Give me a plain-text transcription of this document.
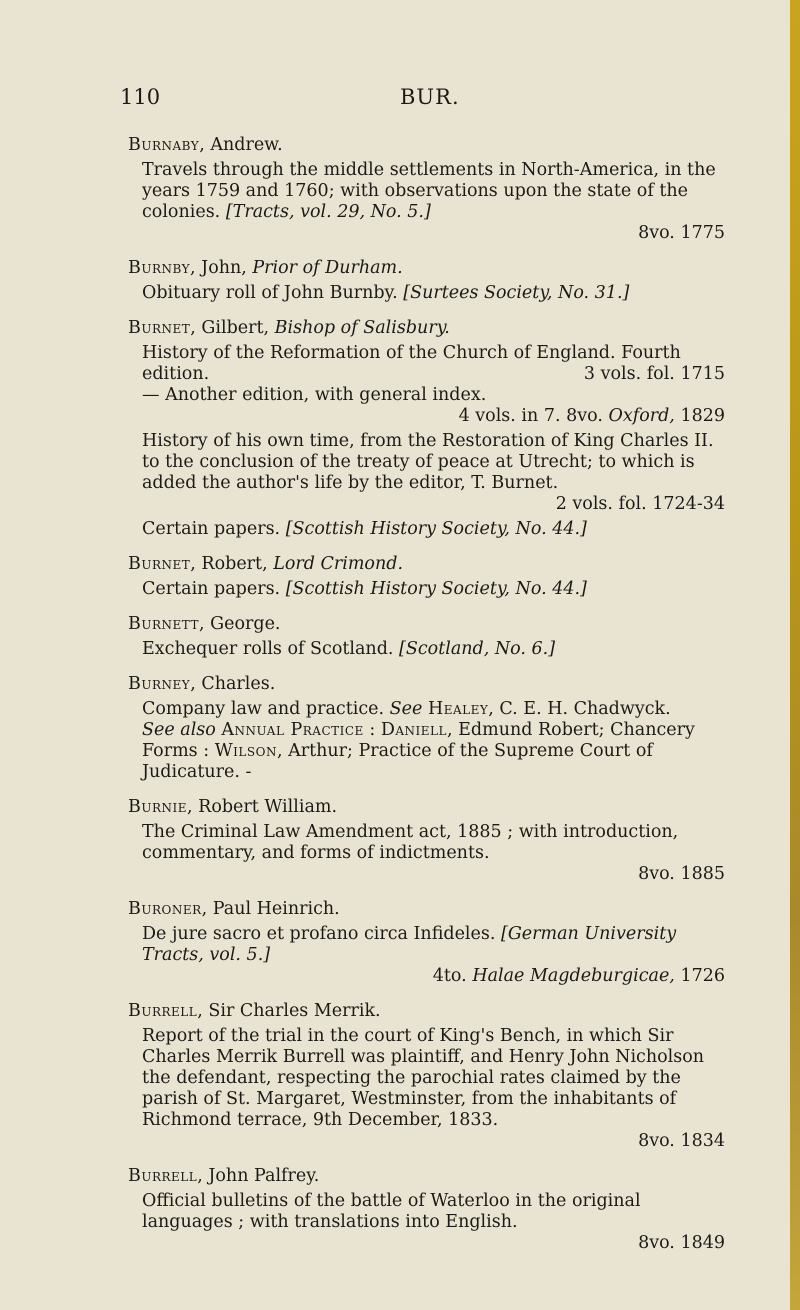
110	BUR.
Burnaby, Andrew.
Travels through the middle settlements in North-America, in the years 1759 and 1760; with observations upon the state of the colonies. [Tracts, vol. 29, No. 5.]
8vo. 1775
Burnby, John, Prior of Durham.
Obituary roll of John Burnby. [Surtees Society, No. 31.]
Burnet, Gilbert, Bishop of Salisbury.
History of the Reformation of the Church of England. Fourth
edition.	3 vols. fol. 1715
— Another edition, with general index.
4 vols. in 7. 8vo. Oxford, 1829
History of his own time, from the Restoration of King Charles II. to the conclusion of the treaty of peace at Utrecht; to which is added the author's life by the editor, T. Burnet.
2 vols. fol. 1724-34
Certain papers. [Scottish History Society, No. 44.]
Burnet, Robert, Lord Crimond.
Certain papers. [Scottish History Society, No. 44.]
Burnett, George.
Exchequer rolls of Scotland. [Scotland, No. 6.]
Burney, Charles.
Company law and practice. See Healey, C. E. H. Chadwyck.
See also Annual Practice : Daniell, Edmund Robert; Chancery Forms : Wilson, Arthur; Practice of the Supreme Court of Judicature. -
Burnie, Robert William.
The Criminal Law Amendment act, 1885 ; with introduction, commentary, and forms of indictments.
8vo. 1885
Buroner, Paul Heinrich.
De jure sacro et profano circa Infideles. [German University Tracts, vol. 5.]
4to. Halae Magdeburgicae, 1726
Burrell, Sir Charles Merrik.
Report of the trial in the court of King's Bench, in which Sir Charles Merrik Burrell was plaintiff, and Henry John Nicholson the defendant, respecting the parochial rates claimed by the parish of St. Margaret, Westminster, from the inhabitants of Richmond terrace, 9th December, 1833.
8vo. 1834
Burrell, John Palfrey.
Official bulletins of the battle of Waterloo in the original languages ; with translations into English.
8vo. 1849
